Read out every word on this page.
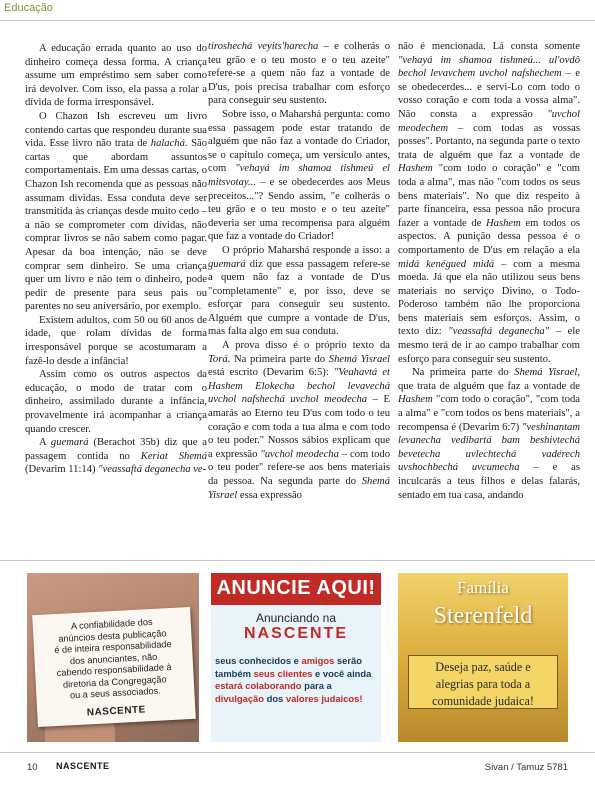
Educação

A educação errada quanto ao uso do dinheiro começa dessa forma. A criança assume um empréstimo sem saber como irá devolver. Com isso, ela passa a rolar a dívida de forma irresponsável.

O Chazon Ish escreveu um livro contendo cartas que respondeu durante sua vida. Esse livro não trata de halachá. São cartas que abordam assuntos comportamentais. Em uma dessas cartas, o Chazon Ish recomenda que as pessoas não assumam dívidas. Essa conduta deve ser transmitida às crianças desde muito cedo – a não se comprometer com dívidas, não comprar livros se não sabem como pagar. Apesar da boa intenção, não se deve comprar sem dinheiro. Se uma criança quer um livro e não tem o dinheiro, pode pedir de presente para seus pais ou parentes no seu aniversário, por exemplo.

Existem adultos, com 50 ou 60 anos de idade, que rolam dívidas de forma irresponsável porque se acostumaram a fazê-lo desde a infância!

Assim como os outros aspectos da educação, o modo de tratar com o dinheiro, assimilado durante a infância, provavelmente irá acompanhar a criança quando crescer.

A guemará (Berachot 35b) diz que a passagem contida no Keriat Shemá (Devarim 11:14) "veassaftá deganecha ve-

tiroshechá veyits'harecha – e colherás o teu grão e o teu mosto e o teu azeite" refere-se a quem não faz a vontade de D'us, pois precisa trabalhar com esforço para conseguir seu sustento.

Sobre isso, o Maharshá pergunta: como essa passagem pode estar tratando de alguém que não faz a vontade do Criador, se o capítulo começa, um versículo antes, com "vehayá im shamoa tishmeú el mitsvotay... – e se obedecerdes aos Meus preceitos..."? Sendo assim, "e colherás o teu grão e o teu mosto e o teu azeite" deveria ser uma recompensa para alguém que faz a vontade do Criador!

O próprio Maharshá responde a isso: a guemará diz que essa passagem refere-se a quem não faz a vontade de D'us "completamente" e, por isso, deve se esforçar para conseguir seu sustento. Alguém que cumpre a vontade de D'us, mas falta algo em sua conduta.

A prova disso é o próprio texto da Torá. Na primeira parte do Shemá Yisrael está escrito (Devarim 6:5): "Veahavtá et Hashem Elokecha bechol levavechá uvchol nafshechá uvchol meodecha – E amarás ao Eterno teu D'us com todo o teu coração e com toda a tua alma e com todo o teu poder." Nossos sábios explicam que a expressão "uvchol meodecha – com todo o teu poder" refere-se aos bens materiais da pessoa. Na segunda parte do Shemá Yisrael essa expressão

não é mencionada. Lá consta somente "vehayá im shamoa tishmeú... ul'ovdô bechol levavchem uvchol nafshechem – e se obedecerdes... e servi-Lo com todo o vosso coração e com toda a vossa alma". Não consta a expressão "uvchol meodechem – com todas as vossas posses". Portanto, na segunda parte o texto trata de alguém que faz a vontade de Hashem "com todo o coração" e "com toda a alma", mas não "com todos os seus bens materiais". No que diz respeito à parte financeira, essa pessoa não procura fazer a vontade de Hashem em todos os aspectos. A punição dessa pessoa é o comportamento de D'us em relação a ela midá kenégued midá – com a mesma moeda. Já que ela não utilizou seus bens materiais no serviço Divino, o Todo-Poderoso também não lhe proporciona bens materiais sem esforços. Assim, o texto diz: "veassaftá deganecha" – ele mesmo terá de ir ao campo trabalhar com esforço para conseguir seu sustento.

Na primeira parte do Shemá Yisrael, que trata de alguém que faz a vontade de Hashem "com todo o coração", "com toda a alma" e "com todos os bens materiais", a recompensa é (Devarim 6:7) "veshinantam levanecha vedibartá bam beshivtechá bevetecha uvlechtechá vadérech uvshochbechá uvcumecha – e as inculcarás a teus filhos e delas falarás, sentado em tua casa, andando

A confiabilidade dos
anúncios desta publicação
é de inteira responsabilidade
dos anunciantes, não
cabendo responsabilidade à
diretoria da Congregação
ou a seus associados.
NASCENTE
ANUNCIE AQUI!
Anunciando na
NASCENTE
seus conhecidos e amigos serão também seus clientes e você ainda estará colaborando para a divulgação dos valores judaicos!
Família
Sterenfeld
Deseja paz, saúde e
alegrias para toda a
comunidade judaica!
10 NASCENTE	Sivan / Tamuz 5781
